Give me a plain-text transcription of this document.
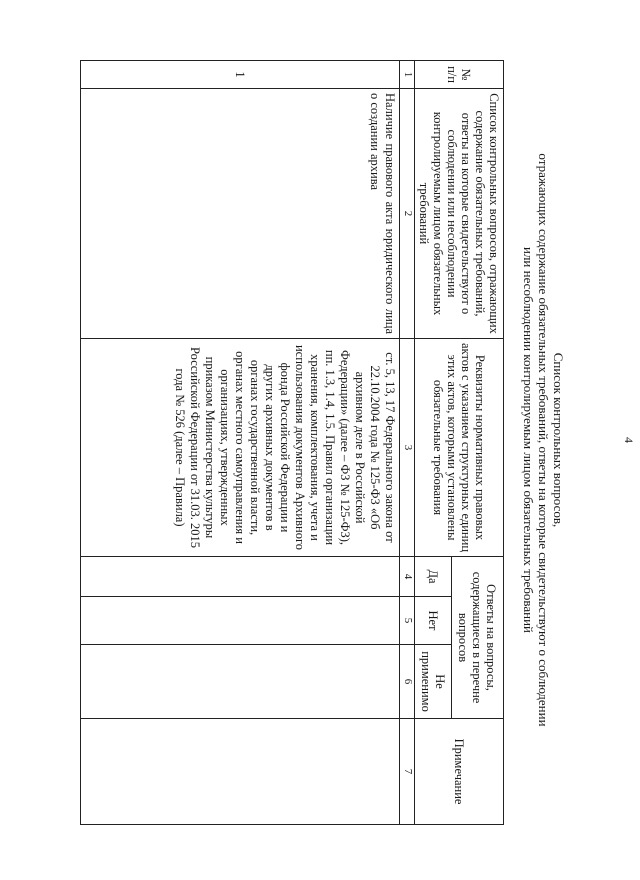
4
Список контрольных вопросов,
отражающих содержание обязательных требований, ответы на которые свидетельствуют о соблюдении
или несоблюдении контролируемым лицом обязательных требований
№ п/п	Список контрольных вопросов, отражающих содержание обязательных требований, ответы на которые свидетельствуют о соблюдении или несоблюдении контролируемым лицом обязательных требований	Реквизиты нормативных правовых актов с указанием структурных единиц этих актов, которыми установлены обязательные требования	Ответы на вопросы, содержащиеся в перечне вопросов			Примечание
			Да	Нет	Не применимо	
1	2	3	4	5	6	7
1	Наличие правового акта юридического лица о создании архива	ст. 5, 13, 17 Федерального закона от 22.10.2004 года № 125-ФЗ «Об архивном деле в Российской Федерации» (далее – ФЗ № 125-ФЗ), пп. 1.3, 1.4, 1.5. Правил организации хранения, комплектования, учета и использования документов Архивного фонда Российской Федерации и других архивных документов в органах государственной власти, органах местного самоуправления и организациях, утвержденных приказом Министерства культуры Российской Федерации от 31.03. 2015 года № 526 (далее – Правила)				
